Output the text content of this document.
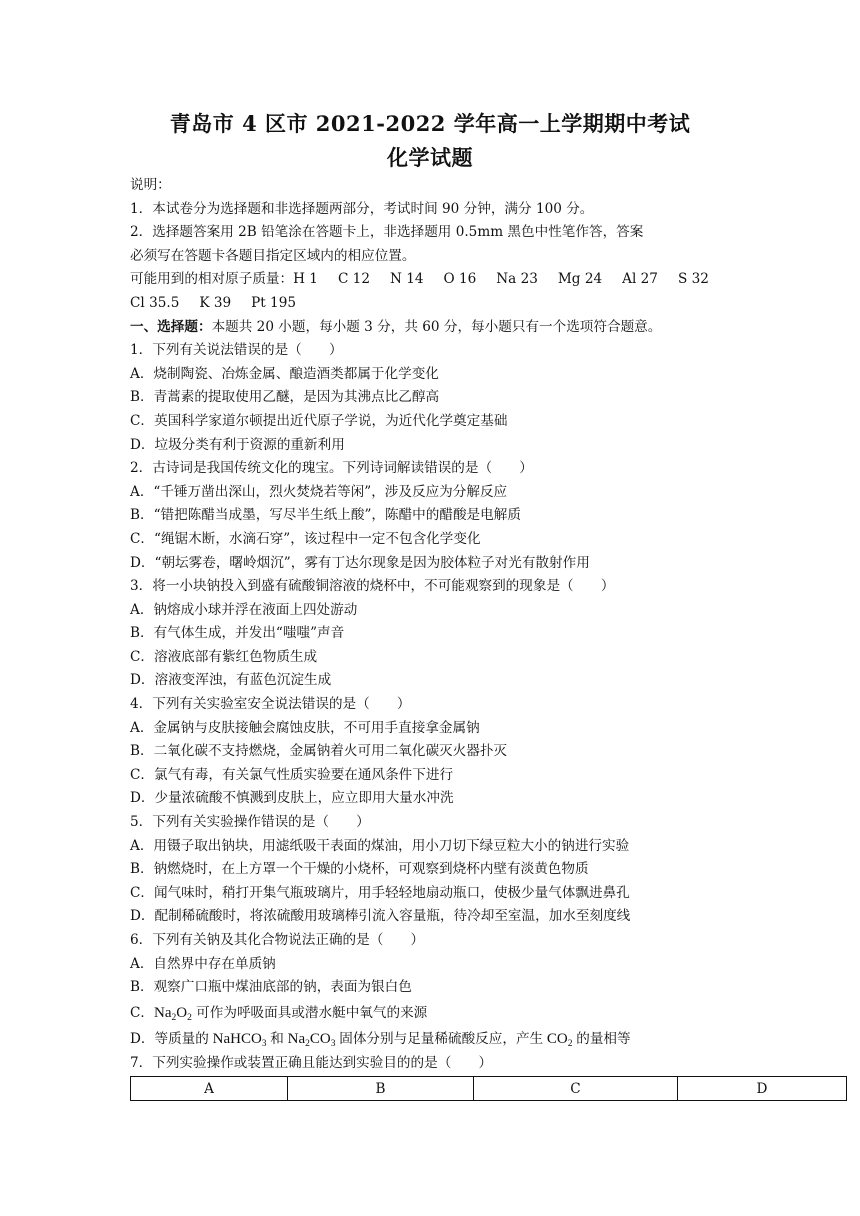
青岛市 4 区市 2021-2022 学年高一上学期期中考试
化学试题
说明：
1．本试卷分为选择题和非选择题两部分，考试时间 90 分钟，满分 100 分。
2．选择题答案用 2B 铅笔涂在答题卡上，非选择题用 0.5mm 黑色中性笔作答，答案
必须写在答题卡各题目指定区域内的相应位置。
可能用到的相对原子质量：H 1 C 12 N 14 O 16 Na 23 Mg 24 Al 27 S 32
Cl 35.5 K 39 Pt 195
一、选择题：本题共 20 小题，每小题 3 分，共 60 分，每小题只有一个选项符合题意。
1．下列有关说法错误的是（　　）
A．烧制陶瓷、冶炼金属、酿造酒类都属于化学变化
B．青蒿素的提取使用乙醚，是因为其沸点比乙醇高
C．英国科学家道尔顿提出近代原子学说，为近代化学奠定基础
D．垃圾分类有利于资源的重新利用
2．古诗词是我国传统文化的瑰宝。下列诗词解读错误的是（　　）
A．“千锤万凿出深山，烈火焚烧若等闲”，涉及反应为分解反应
B．“错把陈醋当成墨，写尽半生纸上酸”，陈醋中的醋酸是电解质
C．“绳锯木断，水滴石穿”，该过程中一定不包含化学变化
D．“朝坛雾卷，曙岭烟沉”，雾有丁达尔现象是因为胶体粒子对光有散射作用
3．将一小块钠投入到盛有硫酸铜溶液的烧杯中，不可能观察到的现象是（　　）
A．钠熔成小球并浮在液面上四处游动
B．有气体生成，并发出“嗤嗤”声音
C．溶液底部有紫红色物质生成
D．溶液变浑浊，有蓝色沉淀生成
4．下列有关实验室安全说法错误的是（　　）
A．金属钠与皮肤接触会腐蚀皮肤，不可用手直接拿金属钠
B．二氧化碳不支持燃烧，金属钠着火可用二氧化碳灭火器扑灭
C．氯气有毒，有关氯气性质实验要在通风条件下进行
D．少量浓硫酸不慎溅到皮肤上，应立即用大量水冲洗
5．下列有关实验操作错误的是（　　）
A．用镊子取出钠块，用滤纸吸干表面的煤油，用小刀切下绿豆粒大小的钠进行实验
B．钠燃烧时，在上方罩一个干燥的小烧杯，可观察到烧杯内壁有淡黄色物质
C．闻气味时，稍打开集气瓶玻璃片，用手轻轻地扇动瓶口，使极少量气体飘进鼻孔
D．配制稀硫酸时，将浓硫酸用玻璃棒引流入容量瓶，待冷却至室温，加水至刻度线
6．下列有关钠及其化合物说法正确的是（　　）
A．自然界中存在单质钠
B．观察广口瓶中煤油底部的钠，表面为银白色
C．$Na_2O_2$ 可作为呼吸面具或潜水艇中氧气的来源
D．等质量的 NaHCO$_3$ 和 $Na_2CO_3$ 固体分别与足量稀硫酸反应，产生 $CO_2$ 的量相等
7．下列实验操作或装置正确且能达到实验目的的是（　　）
A	B	C	D
